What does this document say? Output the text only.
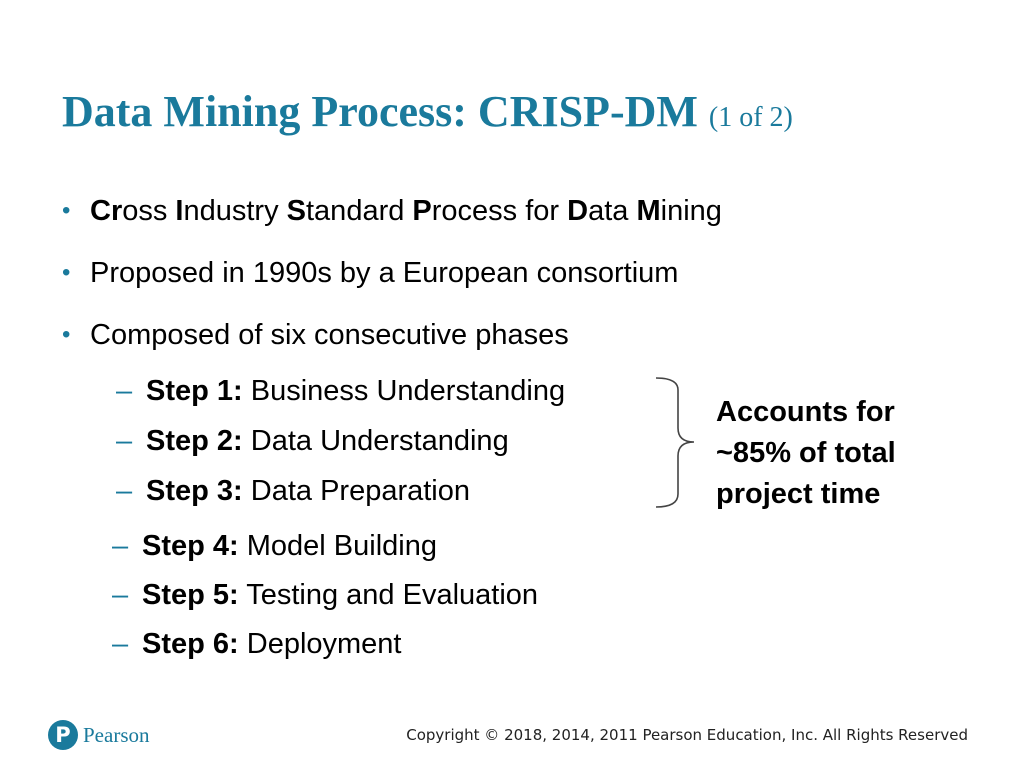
Data Mining Process: CRISP-DM (1 of 2)
• Cross Industry Standard Process for Data Mining
• Proposed in 1990s by a European consortium
• Composed of six consecutive phases
– Step 1: Business Understanding
– Step 2: Data Understanding
– Step 3: Data Preparation
– Step 4: Model Building
– Step 5: Testing and Evaluation
– Step 6: Deployment
Accounts for
~85% of total
project time
P Pearson	Copyright © 2018, 2014, 2011 Pearson Education, Inc. All Rights Reserved
